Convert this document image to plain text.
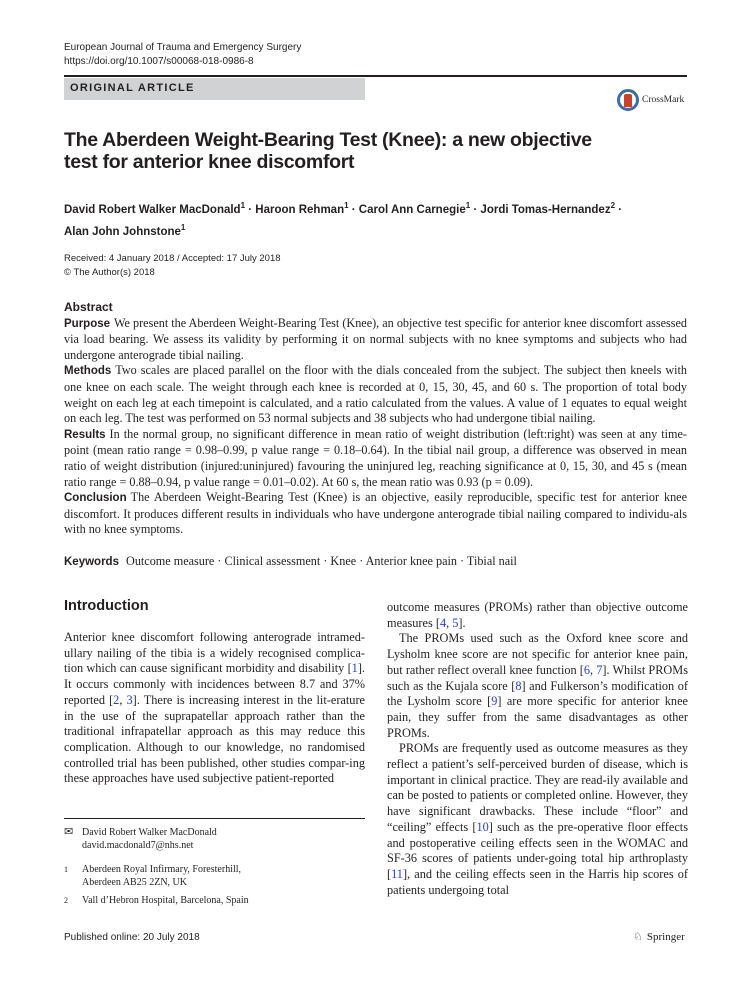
European Journal of Trauma and Emergency Surgery
https://doi.org/10.1007/s00068-018-0986-8
ORIGINAL ARTICLE
CrossMark
The Aberdeen Weight-Bearing Test (Knee): a new objective test for anterior knee discomfort
David Robert Walker MacDonald$^1$ · Haroon Rehman$^1$ · Carol Ann Carnegie$^1$ · Jordi Tomas-Hernandez$^2$ ·
Alan John Johnstone$^1$
Received: 4 January 2018 / Accepted: 17 July 2018
© The Author(s) 2018
Abstract

Purpose We present the Aberdeen Weight-Bearing Test (Knee), an objective test specific for anterior knee discomfort assessed via load bearing. We assess its validity by performing it on normal subjects with no knee symptoms and subjects who had undergone anterograde tibial nailing.

Methods Two scales are placed parallel on the floor with the dials concealed from the subject. The subject then kneels with one knee on each scale. The weight through each knee is recorded at 0, 15, 30, 45, and 60 s. The proportion of total body weight on each leg at each timepoint is calculated, and a ratio calculated from the values. A value of 1 equates to equal weight on each leg. The test was performed on 53 normal subjects and 38 subjects who had undergone tibial nailing.

Results In the normal group, no significant difference in mean ratio of weight distribution (left:right) was seen at any time-point (mean ratio range = 0.98–0.99, p value range = 0.18–0.64). In the tibial nail group, a difference was observed in mean ratio of weight distribution (injured:uninjured) favouring the uninjured leg, reaching significance at 0, 15, 30, and 45 s (mean ratio range = 0.88–0.94, p value range = 0.01–0.02). At 60 s, the mean ratio was 0.93 (p = 0.09).

Conclusion The Aberdeen Weight-Bearing Test (Knee) is an objective, easily reproducible, specific test for anterior knee discomfort. It produces different results in individuals who have undergone anterograde tibial nailing compared to individu-als with no knee symptoms.

Keywords Outcome measure · Clinical assessment · Knee · Anterior knee pain · Tibial nail
Introduction

Anterior knee discomfort following anterograde intramed-ullary nailing of the tibia is a widely recognised complica-tion which can cause significant morbidity and disability [1]. It occurs commonly with incidences between 8.7 and 37% reported [2, 3]. There is increasing interest in the lit-erature in the use of the suprapatellar approach rather than the traditional infrapatellar approach as this may reduce this complication. Although to our knowledge, no randomised controlled trial has been published, other studies compar-ing these approaches have used subjective patient-reported

outcome measures (PROMs) rather than objective outcome measures [4, 5].

The PROMs used such as the Oxford knee score and Lysholm knee score are not specific for anterior knee pain, but rather reflect overall knee function [6, 7]. Whilst PROMs such as the Kujala score [8] and Fulkerson’s modification of the Lysholm score [9] are more specific for anterior knee pain, they suffer from the same disadvantages as other PROMs.

PROMs are frequently used as outcome measures as they reflect a patient’s self-perceived burden of disease, which is important in clinical practice. They are read-ily available and can be posted to patients or completed online. However, they have significant drawbacks. These include “floor” and “ceiling” effects [10] such as the pre-operative floor effects and postoperative ceiling effects seen in the WOMAC and SF-36 scores of patients under-going total hip arthroplasty [11], and the ceiling effects seen in the Harris hip scores of patients undergoing total

✉ David Robert Walker MacDonald
david.macdonald7@nhs.net
1	Aberdeen Royal Infirmary, Foresterhill, Aberdeen AB25 2ZN, UK
2	Vall d’Hebron Hospital, Barcelona, Spain
Published online: 20 July 2018	♘ Springer
